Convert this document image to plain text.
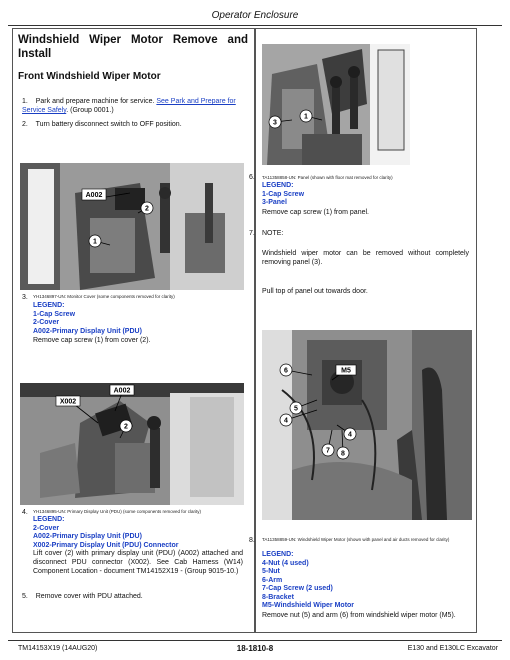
Operator Enclosure
Windshield Wiper Motor Remove and Install
Front Windshield Wiper Motor
1. Park and prepare machine for service. See Park and Prepare for Service Safely. (Group 0001.)
2. Turn battery disconnect switch to OFF position.
A002
2
1
3. YH1346897-UN: Monitor Cover (some components removed for clarity)
LEGEND:
1-Cap Screw
2-Cover
A002-Primary Display Unit (PDU)
Remove cap screw (1) from cover (2).
A002
X002
2
4. YH1346895-UN: Primary Display Unit (PDU) (some components removed for clarity)
LEGEND:
2-Cover
A002-Primary Display Unit (PDU)
X002-Primary Display Unit (PDU) Connector
Lift cover (2) with primary display unit (PDU) (A002) attached and disconnect PDU connector (X002). See Cab Harness (W14) Component Location - document TM14152X19 - (Group 9015-10.)
5. Remove cover with PDU attached.
3
1
6. TA11358858-UN: Panel (shown with floor mat removed for clarity)
LEGEND:
1-Cap Screw
3-Panel
Remove cap screw (1) from panel.
7. NOTE:
Windshield wiper motor can be removed without completely removing panel (3).
Pull top of panel out towards door.
6	M5
4
5
4
7 8
8. TA11358859-UN: Windshield Wiper Motor (shown with panel and air ducts removed for clarity)
LEGEND:
4-Nut (4 used)
5-Nut
6-Arm
7-Cap Screw (2 used)
8-Bracket
M5-Windshield Wiper Motor
Remove nut (5) and arm (6) from windshield wiper motor (M5).
TM14153X19 (14AUG20)	18-1810-8	E130 and E130LC Excavator
